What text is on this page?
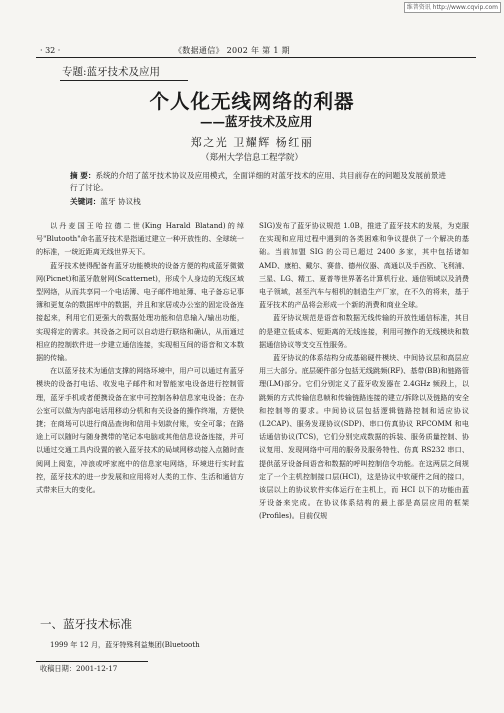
维普资讯 http://www.cqvip.com
· 32 ·	《数据通信》 2002 年 第 1 期
专题:蓝牙技术及应用
个人化无线网络的利器
——蓝牙技术及应用
郑之光 卫耀辉 杨红丽
（郑州大学信息工程学院）
摘 要：系统的介绍了蓝牙技术协议及应用模式，全面详细的对蓝牙技术的应用、共目前存在的问题及发展前景进行了讨论。
关键词：蓝牙 协议栈

以丹麦国王哈拉德二世(King Harald Blatand)的绰号"Blutooth"命名蓝牙技术是指通过建立一种开放性的、全球统一的标准，一统近距离无线世界天下。

蓝牙技术使得配备有蓝牙功能模块的设备方便的构成蓝牙微微网(Picnet)和蓝牙散射网(Scatternet)，形成个人身边的无线区域型网络，从而共享同一个电话簿、电子邮件地址簿、电子备忘记事簿和更复杂的数据库中的数据，并且和家居或办公室的固定设备连接起来，利用它们更强大的数据处理功能和信息输入/输出功能，实现将定的需求。其设备之间可以自动进行联络和确认，从而通过相应的控制软件进一步建立通信连接，实现相互间的语音和文本数据的传输。

在以蓝牙技术为通信支撑的网络环境中，用户可以通过有蓝牙模块的设备打电话、收发电子邮件和对智能家电设备进行控制管理，蓝牙手机或者便携设备在家中可控制各种信息家电设备；在办公室可以做为内部电话用移动分机和有关设备的操作终端，方便快捷；在商场可以进行商品查询和信用卡划款付账，安全可靠；在路途上可以随时与随身携带的笔记本电脑或其他信息设备连接，并可以通过交通工具内设置的嵌入蓝牙技术的局域网移动接入点随时查阅网上阅览，冲浪或呼家庭中的信息家电网络，环境进行实时监控，蓝牙技术的进一步发展和应用将对人类的工作、生活和通信方式带来巨大的变化。

一、蓝牙技术标准
1999 年 12 月，蓝牙特殊利益集团(Bluetooth
收稿日期：2001-12-17

SIG)发布了蓝牙协议规范 1.0B，推进了蓝牙技术的发展，为克服在实现和应用过程中遇到的各类困难和争议提供了一个解决的基础。当前加盟 SIG 的公司已超过 2400 多家，其中包括诸如 AMD、康柏、戴尔、赛普、德州仪器、高通以及手西欧、飞利浦、三星、LG、精工、夏普等世界著名计算机行业、通信领域以及消费电子领域，甚至汽车与相机的制造生产厂家，在不久的将来，基于蓝牙技术的产品将会形成一个新的消费和商业全球。

蓝牙协议规范是语音和数据无线传输的开放性通信标准，其目的是建立低成本、短距离的无线连接，利用可擦作的无线模块和数据通信协议等支交互性服务。

蓝牙协议的体系结构分成基础硬件模块、中间协议层和高层应用三大部分。底层硬件部分包括无线跳频(RF)、基带(BB)和链路管理(LM)部分。它们分别定义了蓝牙收发器在 2.4GHz 频段上，以跳频的方式传输信息帧和传输链路连接的建立/拆除以及链路的安全和控制等的要求。中间协议层包括逻辑链路控制和适应协议(L2CAP)、服务发现协议(SDP)、串口仿真协议 RFCOMM 和电话通信协议(TCS)，它们分别完成数据的拆装、服务质量控制、协议复用、发现网络中可用的服务及服务特性、仿真 RS232 串口、提供蓝牙设备间语音和数据的呼叫控制信令功能。在这两层之间规定了一个主机控制接口层(HCI)，这是协议中软硬件之间的接口，该层以上的协议软件实体运行在主机上，而 HCI 以下的功能由蓝牙设备来完成。在协议体系结构的最上部是高层应用的框架(Profiles)。目前仅规
